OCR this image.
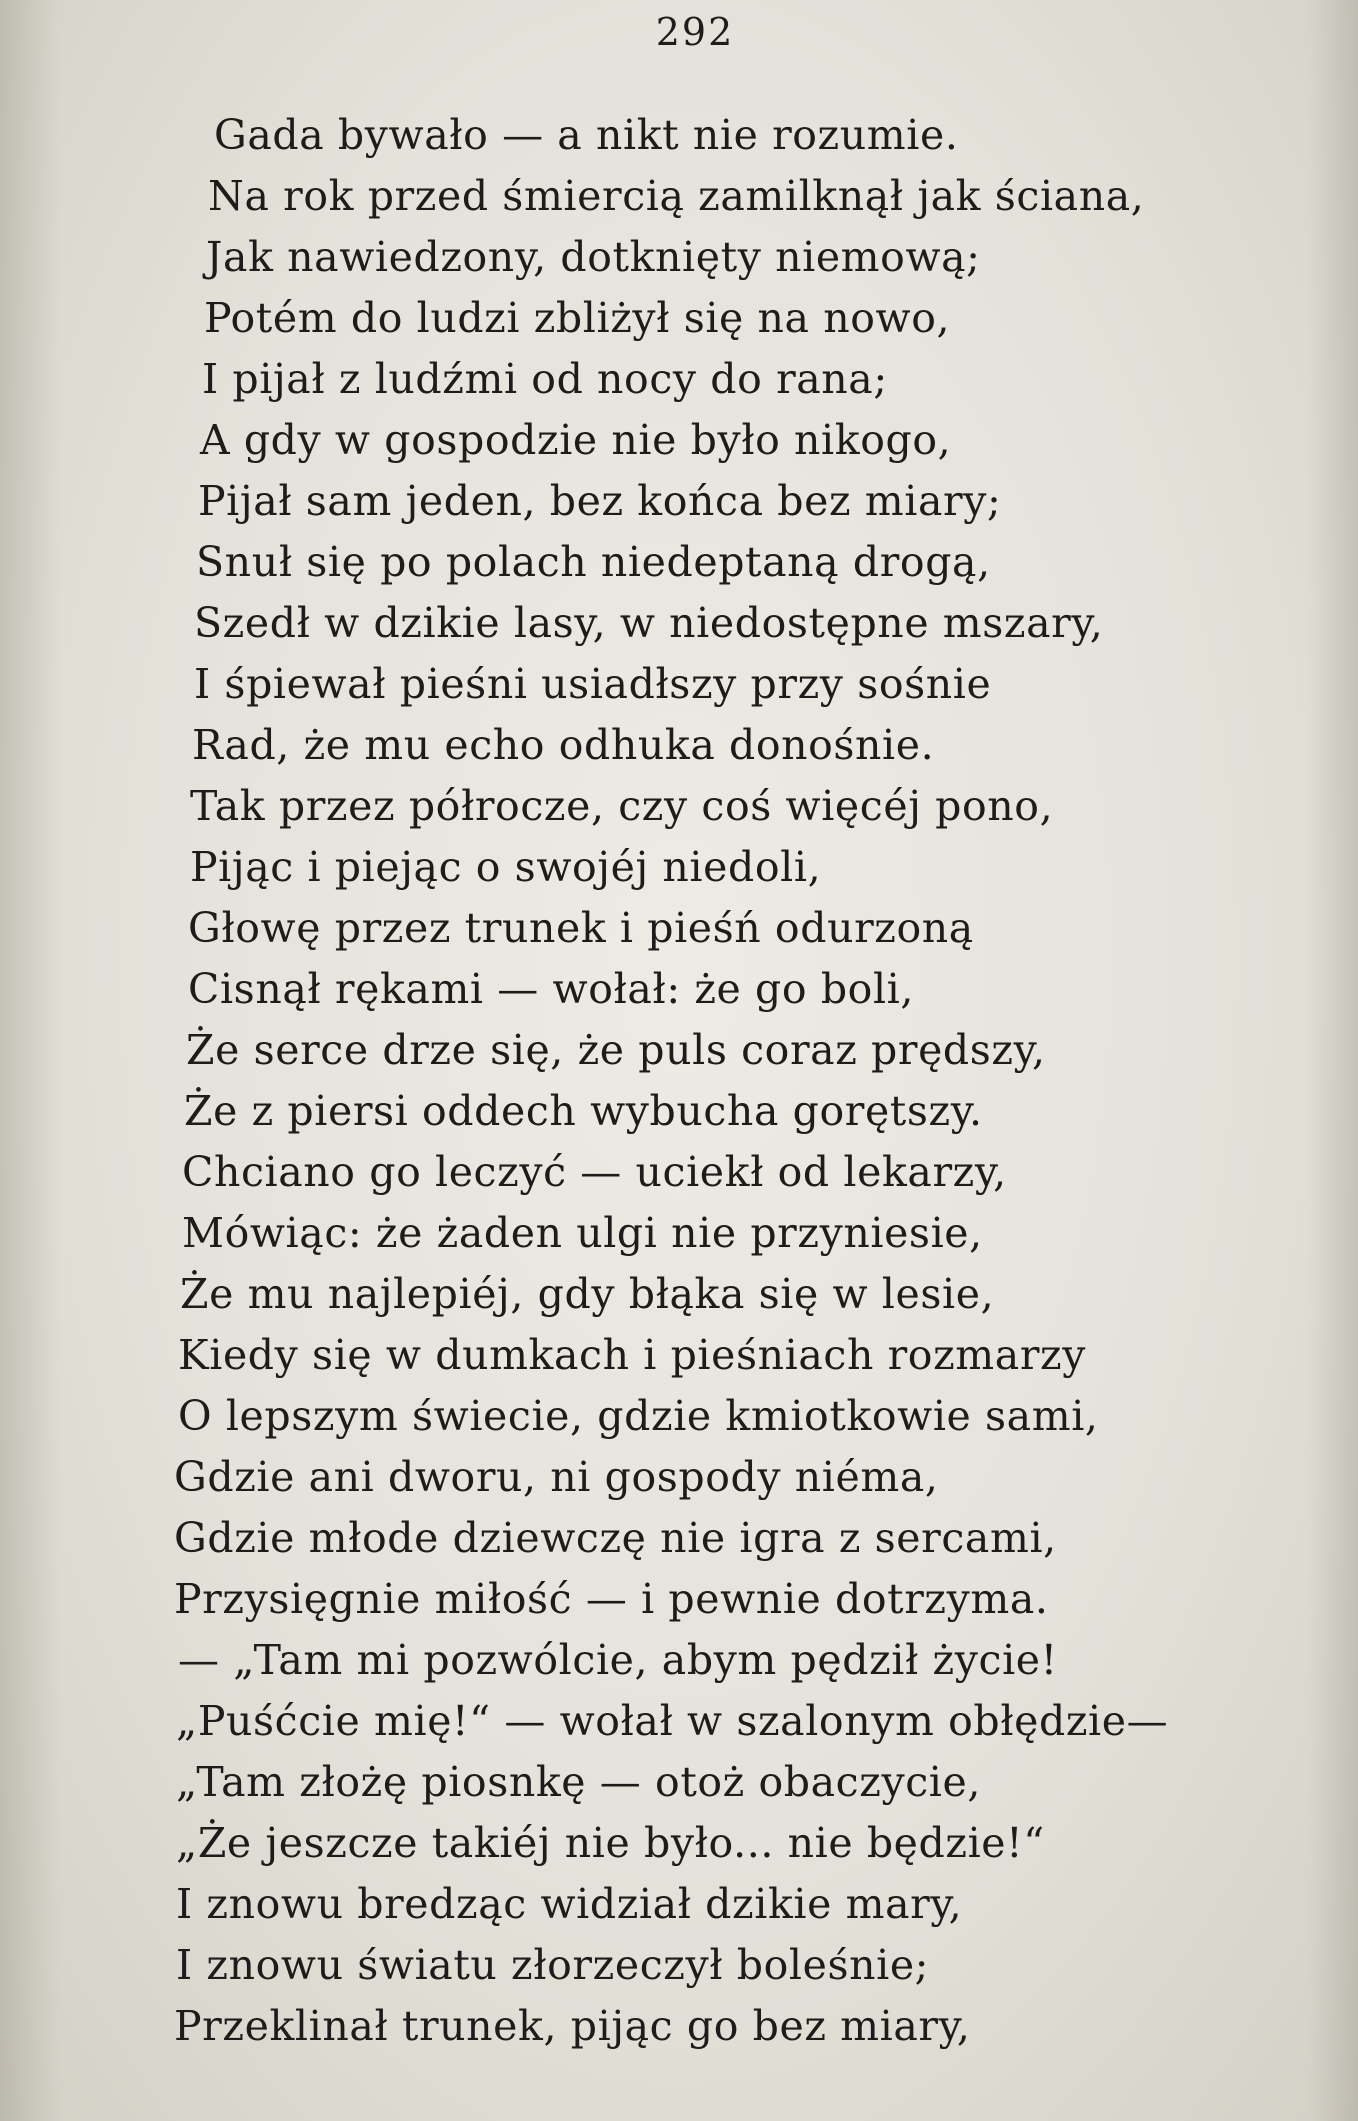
292
Gada bywało — a nikt nie rozumie.
Na rok przed śmiercią zamilknął jak ściana,
Jak nawiedzony, dotknięty niemową;
Potém do ludzi zbliżył się na nowo,
I pijał z ludźmi od nocy do rana;
A gdy w gospodzie nie było nikogo,
Pijał sam jeden, bez końca bez miary;
Snuł się po polach niedeptaną drogą,
Szedł w dzikie lasy, w niedostępne mszary,
I śpiewał pieśni usiadłszy przy sośnie
Rad, że mu echo odhuka donośnie.
Tak przez półrocze, czy coś więcéj pono,
Pijąc i piejąc o swojéj niedoli,
Głowę przez trunek i pieśń odurzoną
Cisnął rękami — wołał: że go boli,
Że serce drze się, że puls coraz prędszy,
Że z piersi oddech wybucha gorętszy.
Chciano go leczyć — uciekł od lekarzy,
Mówiąc: że żaden ulgi nie przyniesie,
Że mu najlepiéj, gdy błąka się w lesie,
Kiedy się w dumkach i pieśniach rozmarzy
O lepszym świecie, gdzie kmiotkowie sami,
Gdzie ani dworu, ni gospody niéma,
Gdzie młode dziewczę nie igra z sercami,
Przysięgnie miłość — i pewnie dotrzyma.
— „Tam mi pozwólcie, abym pędził życie!
„Puśćcie mię!“ — wołał w szalonym obłędzie—
„Tam złożę piosnkę — otoż obaczycie,
„Że jeszcze takiéj nie było... nie będzie!“
I znowu bredząc widział dzikie mary,
I znowu światu złorzeczył boleśnie;
Przeklinał trunek, pijąc go bez miary,
